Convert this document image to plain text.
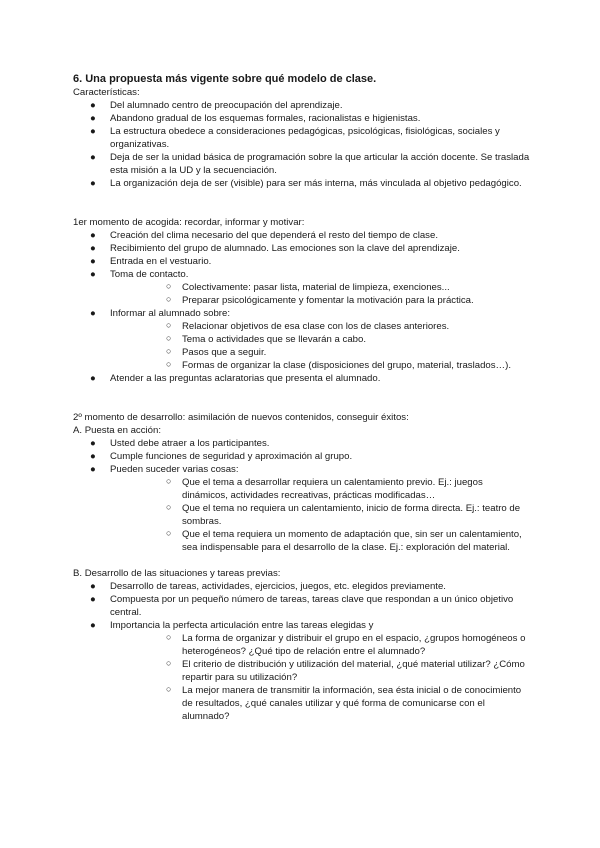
6. Una propuesta más vigente sobre qué modelo de clase.

Características:

● Del alumnado centro de preocupación del aprendizaje.
● Abandono gradual de los esquemas formales, racionalistas e higienistas.
● La estructura obedece a consideraciones pedagógicas, psicológicas, fisiológicas, sociales y organizativas.
● Deja de ser la unidad básica de programación sobre la que articular la acción docente. Se traslada esta misión a la UD y la secuenciación.
● La organización deja de ser (visible) para ser más interna, más vinculada al objetivo pedagógico.

1er momento de acogida: recordar, informar y motivar:

● Creación del clima necesario del que dependerá el resto del tiempo de clase.
● Recibimiento del grupo de alumnado. Las emociones son la clave del aprendizaje.
● Entrada en el vestuario.
● Toma de contacto.
○ Colectivamente: pasar lista, material de limpieza, exenciones...
○ Preparar psicológicamente y fomentar la motivación para la práctica.
● Informar al alumnado sobre:
○ Relacionar objetivos de esa clase con los de clases anteriores.
○ Tema o actividades que se llevarán a cabo.
○ Pasos que a seguir.
○ Formas de organizar la clase (disposiciones del grupo, material, traslados…).
● Atender a las preguntas aclaratorias que presenta el alumnado.

2º momento de desarrollo: asimilación de nuevos contenidos, conseguir éxitos:

A. Puesta en acción:

● Usted debe atraer a los participantes.
● Cumple funciones de seguridad y aproximación al grupo.
● Pueden suceder varias cosas:
○ Que el tema a desarrollar requiera un calentamiento previo. Ej.: juegos dinámicos, actividades recreativas, prácticas modificadas…
○ Que el tema no requiera un calentamiento, inicio de forma directa. Ej.: teatro de sombras.
○ Que el tema requiera un momento de adaptación que, sin ser un calentamiento, sea indispensable para el desarrollo de la clase. Ej.: exploración del material.

B. Desarrollo de las situaciones y tareas previas:

● Desarrollo de tareas, actividades, ejercicios, juegos, etc. elegidos previamente.
● Compuesta por un pequeño número de tareas, tareas clave que respondan a un único objetivo central.
● Importancia la perfecta articulación entre las tareas elegidas y
○ La forma de organizar y distribuir el grupo en el espacio, ¿grupos homogéneos o heterogéneos? ¿Qué tipo de relación entre el alumnado?
○ El criterio de distribución y utilización del material, ¿qué material utilizar? ¿Cómo repartir para su utilización?
○ La mejor manera de transmitir la información, sea ésta inicial o de conocimiento de resultados, ¿qué canales utilizar y qué forma de comunicarse con el alumnado?
